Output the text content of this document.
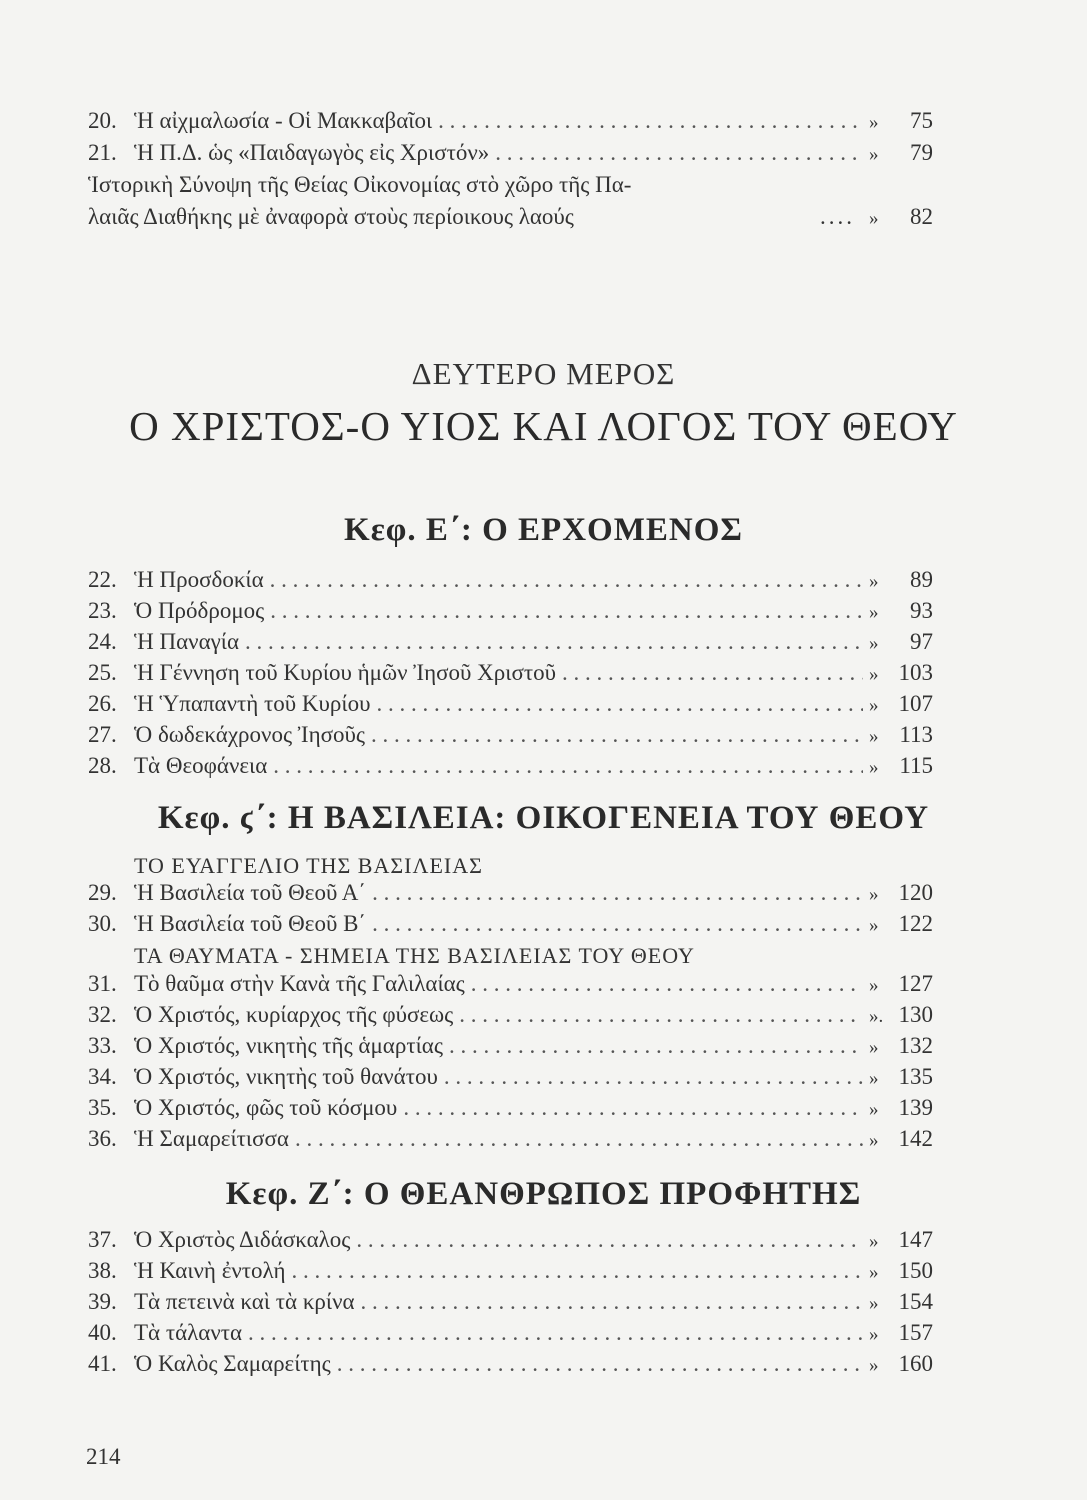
20. Ἡ αἰχμαλωσία - Οἱ Μακκαβαῖοι . . .	»	75
21. Ἡ Π.Δ. ὡς «Παιδαγωγὸς εἰς Χριστόν» . . .	»	79
Ἱστορικὴ Σύνοψη τῆς Θείας Οἰκονομίας στὸ χῶρο τῆς Πα-
λαιᾶς Διαθήκης μὲ ἀναφορὰ στοὺς περίοικους λαούς	.... »	82
ΔΕΥΤΕΡΟ ΜΕΡΟΣ
Ο ΧΡΙΣΤΟΣ-Ο ΥΙΟΣ ΚΑΙ ΛΟΓΟΣ ΤΟΥ ΘΕΟΥ
Κεφ. Ε΄: Ο ΕΡΧΟΜΕΝΟΣ
22. Ἡ Προσδοκία . . .	»	89
23. Ὁ Πρόδρομος . . .	»	93
24. Ἡ Παναγία . . .	»	97
25. Ἡ Γέννηση τοῦ Κυρίου ἡμῶν Ἰησοῦ Χριστοῦ . . .	» 103
26. Ἡ Ὑπαπαντὴ τοῦ Κυρίου . . .	» 107
27. Ὁ δωδεκάχρονος Ἰησοῦς . . .	» 113
28. Τὰ Θεοφάνεια . . .	» 115
Κεφ. ϛ΄: Η ΒΑΣΙΛΕΙΑ: ΟΙΚΟΓΕΝΕΙΑ ΤΟΥ ΘΕΟΥ
ΤΟ ΕΥΑΓΓΕΛΙΟ ΤΗΣ ΒΑΣΙΛΕΙΑΣ
29. Ἡ Βασιλεία τοῦ Θεοῦ Α΄ . . .	» 120
30. Ἡ Βασιλεία τοῦ Θεοῦ Β΄ . . .	» 122
ΤΑ ΘΑΥΜΑΤΑ - ΣΗΜΕΙΑ ΤΗΣ ΒΑΣΙΛΕΙΑΣ ΤΟΥ ΘΕΟΥ
31. Τὸ θαῦμα στὴν Κανὰ τῆς Γαλιλαίας . . .	» 127
32. Ὁ Χριστός, κυρίαρχος τῆς φύσεως . . .	». 130
33. Ὁ Χριστός, νικητὴς τῆς ἁμαρτίας . . .	» 132
34. Ὁ Χριστός, νικητὴς τοῦ θανάτου . . .	» 135
35. Ὁ Χριστός, φῶς τοῦ κόσμου . . .	» 139
36. Ἡ Σαμαρείτισσα . . .	» 142
Κεφ. Ζ΄: Ο ΘΕΑΝΘΡΩΠΟΣ ΠΡΟΦΗΤΗΣ
37. Ὁ Χριστὸς Διδάσκαλος . . .	» 147
38. Ἡ Καινὴ ἐντολή . . .	» 150
39. Τὰ πετεινὰ καὶ τὰ κρίνα . . .	» 154
40. Τὰ τάλαντα . . .	» 157
41. Ὁ Καλὸς Σαμαρείτης . . .	» 160
214
